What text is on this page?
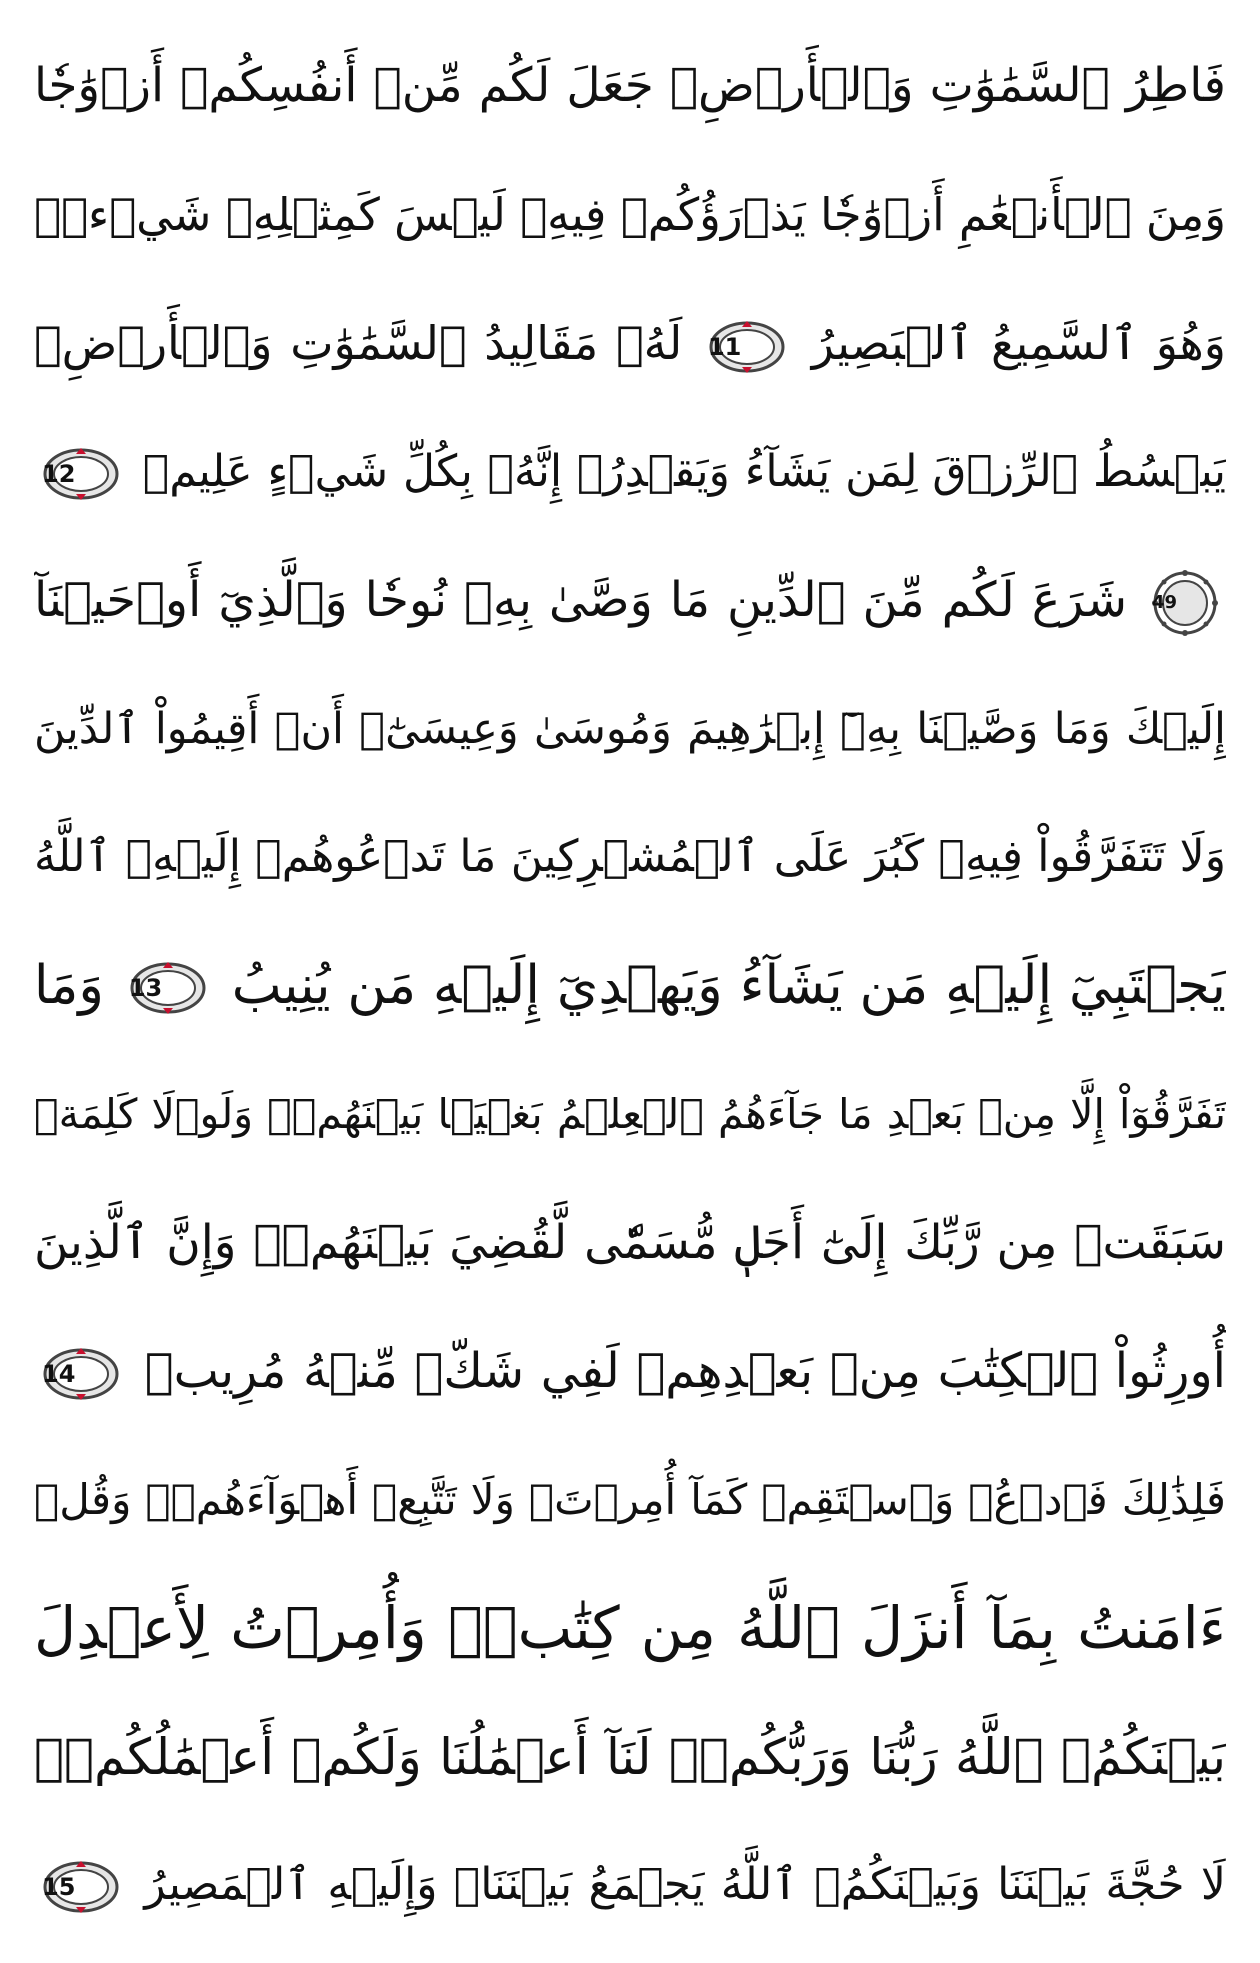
فَاطِرُ ٱلسَّمَٰوَٰتِ وَٱلۡأَرۡضِۚ جَعَلَ لَكُم مِّنۡ أَنفُسِكُمۡ أَزۡوَٰجٗا
وَمِنَ ٱلۡأَنۡعَٰمِ أَزۡوَٰجٗا يَذۡرَؤُكُمۡ فِيهِۚ لَيۡسَ كَمِثۡلِهِۦ شَيۡءٞۖ
وَهُوَ ٱلسَّمِيعُ ٱلۡبَصِيرُ
11
لَهُۥ مَقَالِيدُ ٱلسَّمَٰوَٰتِ وَٱلۡأَرۡضِۖ
يَبۡسُطُ ٱلرِّزۡقَ لِمَن يَشَآءُ وَيَقۡدِرُۚ إِنَّهُۥ بِكُلِّ شَيۡءٍ عَلِيمٞ
12
49
شَرَعَ لَكُم مِّنَ ٱلدِّينِ مَا وَصَّىٰ بِهِۦ نُوحٗا وَٱلَّذِيٓ أَوۡحَيۡنَآ
إِلَيۡكَ وَمَا وَصَّيۡنَا بِهِۦٓ إِبۡرَٰهِيمَ وَمُوسَىٰ وَعِيسَىٰٓۖ أَنۡ أَقِيمُواْ ٱلدِّينَ
وَلَا تَتَفَرَّقُواْ فِيهِۚ كَبُرَ عَلَى ٱلۡمُشۡرِكِينَ مَا تَدۡعُوهُمۡ إِلَيۡهِۚ ٱللَّهُ
يَجۡتَبِيٓ إِلَيۡهِ مَن يَشَآءُ وَيَهۡدِيٓ إِلَيۡهِ مَن يُنِيبُ
13
وَمَا
تَفَرَّقُوٓاْ إِلَّا مِنۢ بَعۡدِ مَا جَآءَهُمُ ٱلۡعِلۡمُ بَغۡيَۢا بَيۡنَهُمۡۚ وَلَوۡلَا كَلِمَةٞ
سَبَقَتۡ مِن رَّبِّكَ إِلَىٰٓ أَجَلٖ مُّسَمّٗى لَّقُضِيَ بَيۡنَهُمۡۚ وَإِنَّ ٱلَّذِينَ
أُورِثُواْ ٱلۡكِتَٰبَ مِنۢ بَعۡدِهِمۡ لَفِي شَكّٖ مِّنۡهُ مُرِيبٖ
14
فَلِذَٰلِكَ فَٱدۡعُۖ وَٱسۡتَقِمۡ كَمَآ أُمِرۡتَۖ وَلَا تَتَّبِعۡ أَهۡوَآءَهُمۡۖ وَقُلۡ
ءَامَنتُ بِمَآ أَنزَلَ ٱللَّهُ مِن كِتَٰبٖۖ وَأُمِرۡتُ لِأَعۡدِلَ
بَيۡنَكُمُۖ ٱللَّهُ رَبُّنَا وَرَبُّكُمۡۖ لَنَآ أَعۡمَٰلُنَا وَلَكُمۡ أَعۡمَٰلُكُمۡۖ
لَا حُجَّةَ بَيۡنَنَا وَبَيۡنَكُمُۖ ٱللَّهُ يَجۡمَعُ بَيۡنَنَاۖ وَإِلَيۡهِ ٱلۡمَصِيرُ
15
